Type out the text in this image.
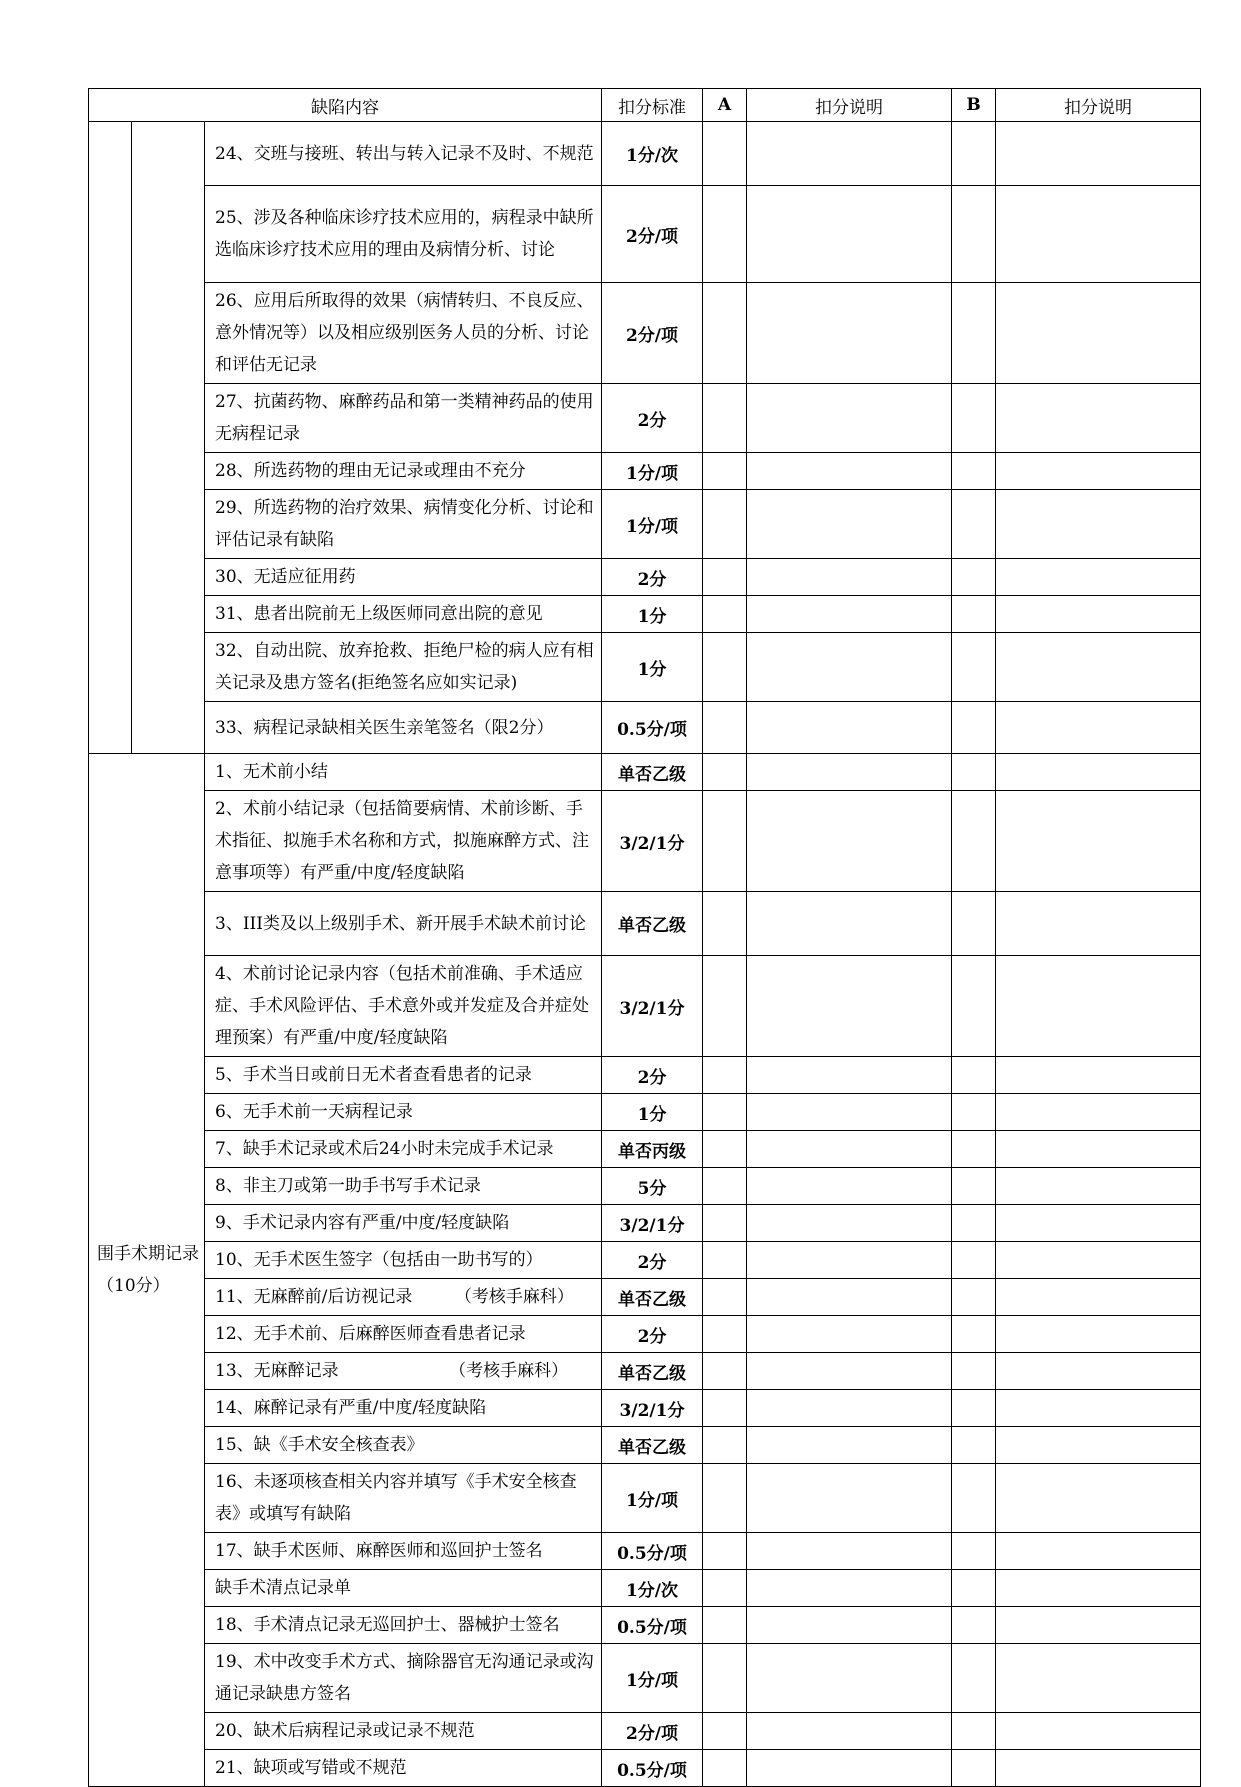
缺陷内容			扣分标准	A	扣分说明	B	扣分说明
		24、交班与接班、转出与转入记录不及时、不规范	1分/次				
		25、涉及各种临床诊疗技术应用的，病程录中缺所选临床诊疗技术应用的理由及病情分析、讨论	2分/项				
		26、应用后所取得的效果（病情转归、不良反应、意外情况等）以及相应级别医务人员的分析、讨论和评估无记录	2分/项				
		27、抗菌药物、麻醉药品和第一类精神药品的使用无病程记录	2分				
		28、所选药物的理由无记录或理由不充分	1分/项				
		29、所选药物的治疗效果、病情变化分析、讨论和评估记录有缺陷	1分/项				
		30、无适应征用药	2分				
		31、患者出院前无上级医师同意出院的意见	1分				
		32、自动出院、放弃抢救、拒绝尸检的病人应有相关记录及患方签名(拒绝签名应如实记录)	1分				
		33、病程记录缺相关医生亲笔签名（限2分）	0.5分/项				
围手术期记录（10分）		1、无术前小结	单否乙级				
		2、术前小结记录（包括简要病情、术前诊断、手术指征、拟施手术名称和方式，拟施麻醉方式、注意事项等）有严重/中度/轻度缺陷	3/2/1分				
		3、III类及以上级别手术、新开展手术缺术前讨论	单否乙级				
		4、术前讨论记录内容（包括术前准确、手术适应症、手术风险评估、手术意外或并发症及合并症处理预案）有严重/中度/轻度缺陷	3/2/1分				
		5、手术当日或前日无术者查看患者的记录	2分				
		6、无手术前一天病程记录	1分				
		7、缺手术记录或术后24小时未完成手术记录	单否丙级				
		8、非主刀或第一助手书写手术记录	5分				
		9、手术记录内容有严重/中度/轻度缺陷	3/2/1分				
		10、无手术医生签字（包括由一助书写的）	2分				
		11、无麻醉前/后访视记录　　　（考核手麻科）	单否乙级				
		12、无手术前、后麻醉医师查看患者记录	2分				
		13、无麻醉记录　　　　　　　（考核手麻科）	单否乙级				
		14、麻醉记录有严重/中度/轻度缺陷	3/2/1分				
		15、缺《手术安全核查表》	单否乙级				
		16、未逐项核查相关内容并填写《手术安全核查表》或填写有缺陷	1分/项				
		17、缺手术医师、麻醉医师和巡回护士签名	0.5分/项				
		缺手术清点记录单	1分/次				
		18、手术清点记录无巡回护士、器械护士签名	0.5分/项				
		19、术中改变手术方式、摘除器官无沟通记录或沟通记录缺患方签名	1分/项				
		20、缺术后病程记录或记录不规范	2分/项				
		21、缺项或写错或不规范	0.5分/项				
